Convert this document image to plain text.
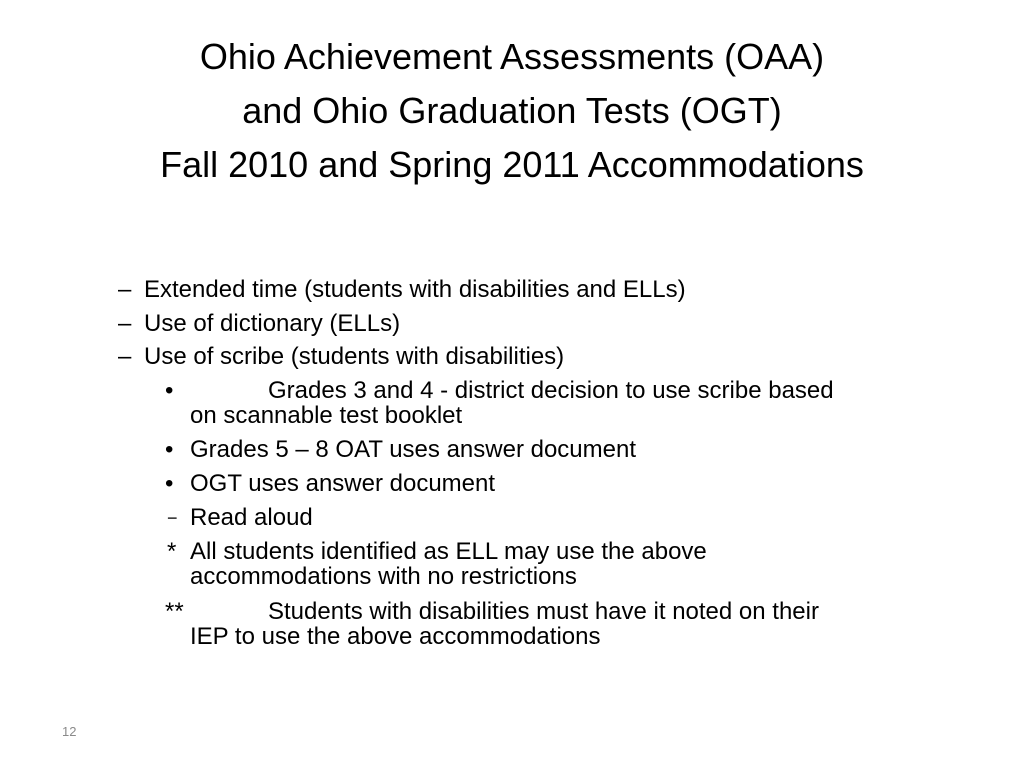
Ohio Achievement Assessments (OAA)
and Ohio Graduation Tests (OGT)
Fall 2010 and Spring 2011 Accommodations
– Extended time (students with disabilities and ELLs)
– Use of dictionary (ELLs)
– Use of scribe (students with disabilities)
•	Grades 3 and 4 - district decision to use scribe based
on scannable test booklet
• Grades 5 – 8 OAT uses answer document
• OGT uses answer document
− Read aloud
* All students identified as ELL may use the above
accommodations with no restrictions
**	Students with disabilities must have it noted on their
IEP to use the above accommodations
12
